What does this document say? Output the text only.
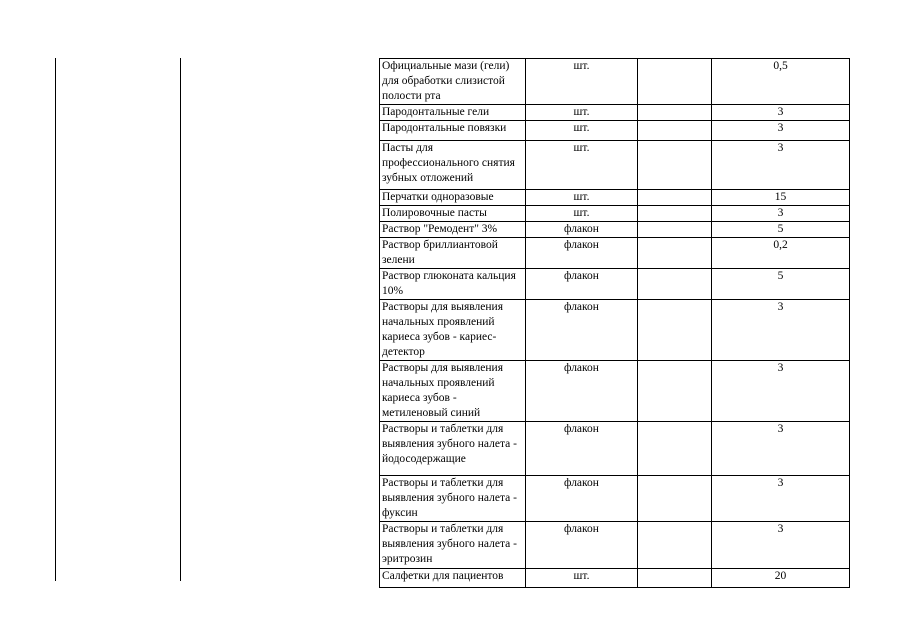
Официальные мази (гели) для обработки слизистой полости рта	шт.		0,5
Пародонтальные гели	шт.		3
Пародонтальные повязки	шт.		3
Пасты для профессионального снятия зубных отложений	шт.		3
Перчатки одноразовые	шт.		15
Полировочные пасты	шт.		3
Раствор "Ремодент" 3%	флакон		5
Раствор бриллиантовой зелени	флакон		0,2
Раствор глюконата кальция 10%	флакон		5
Растворы для выявления начальных проявлений кариеса зубов - кариес-детектор	флакон		3
Растворы для выявления начальных проявлений кариеса зубов - метиленовый синий	флакон		3
Растворы и таблетки для выявления зубного налета - йодосодержащие	флакон		3
Растворы и таблетки для выявления зубного налета - фуксин	флакон		3
Растворы и таблетки для выявления зубного налета - эритрозин	флакон		3
Салфетки для пациентов	шт.		20
